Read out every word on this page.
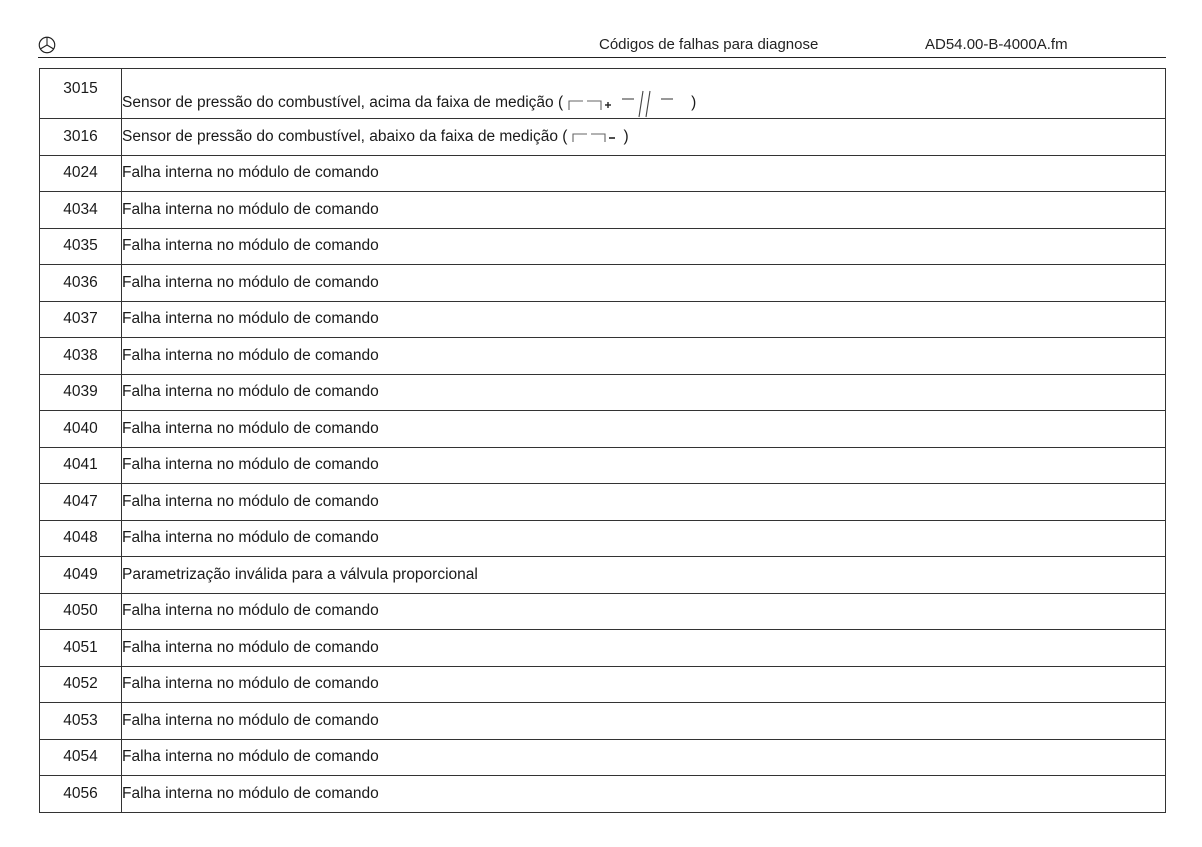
Códigos de falhas para diagnose	AD54.00-B-4000A.fm
3015	Sensor de pressão do combustível, acima da faixa de medição ( )
3016	Sensor de pressão do combustível, abaixo da faixa de medição ( )
4024	Falha interna no módulo de comando
4034	Falha interna no módulo de comando
4035	Falha interna no módulo de comando
4036	Falha interna no módulo de comando
4037	Falha interna no módulo de comando
4038	Falha interna no módulo de comando
4039	Falha interna no módulo de comando
4040	Falha interna no módulo de comando
4041	Falha interna no módulo de comando
4047	Falha interna no módulo de comando
4048	Falha interna no módulo de comando
4049	Parametrização inválida para a válvula proporcional
4050	Falha interna no módulo de comando
4051	Falha interna no módulo de comando
4052	Falha interna no módulo de comando
4053	Falha interna no módulo de comando
4054	Falha interna no módulo de comando
4056	Falha interna no módulo de comando
